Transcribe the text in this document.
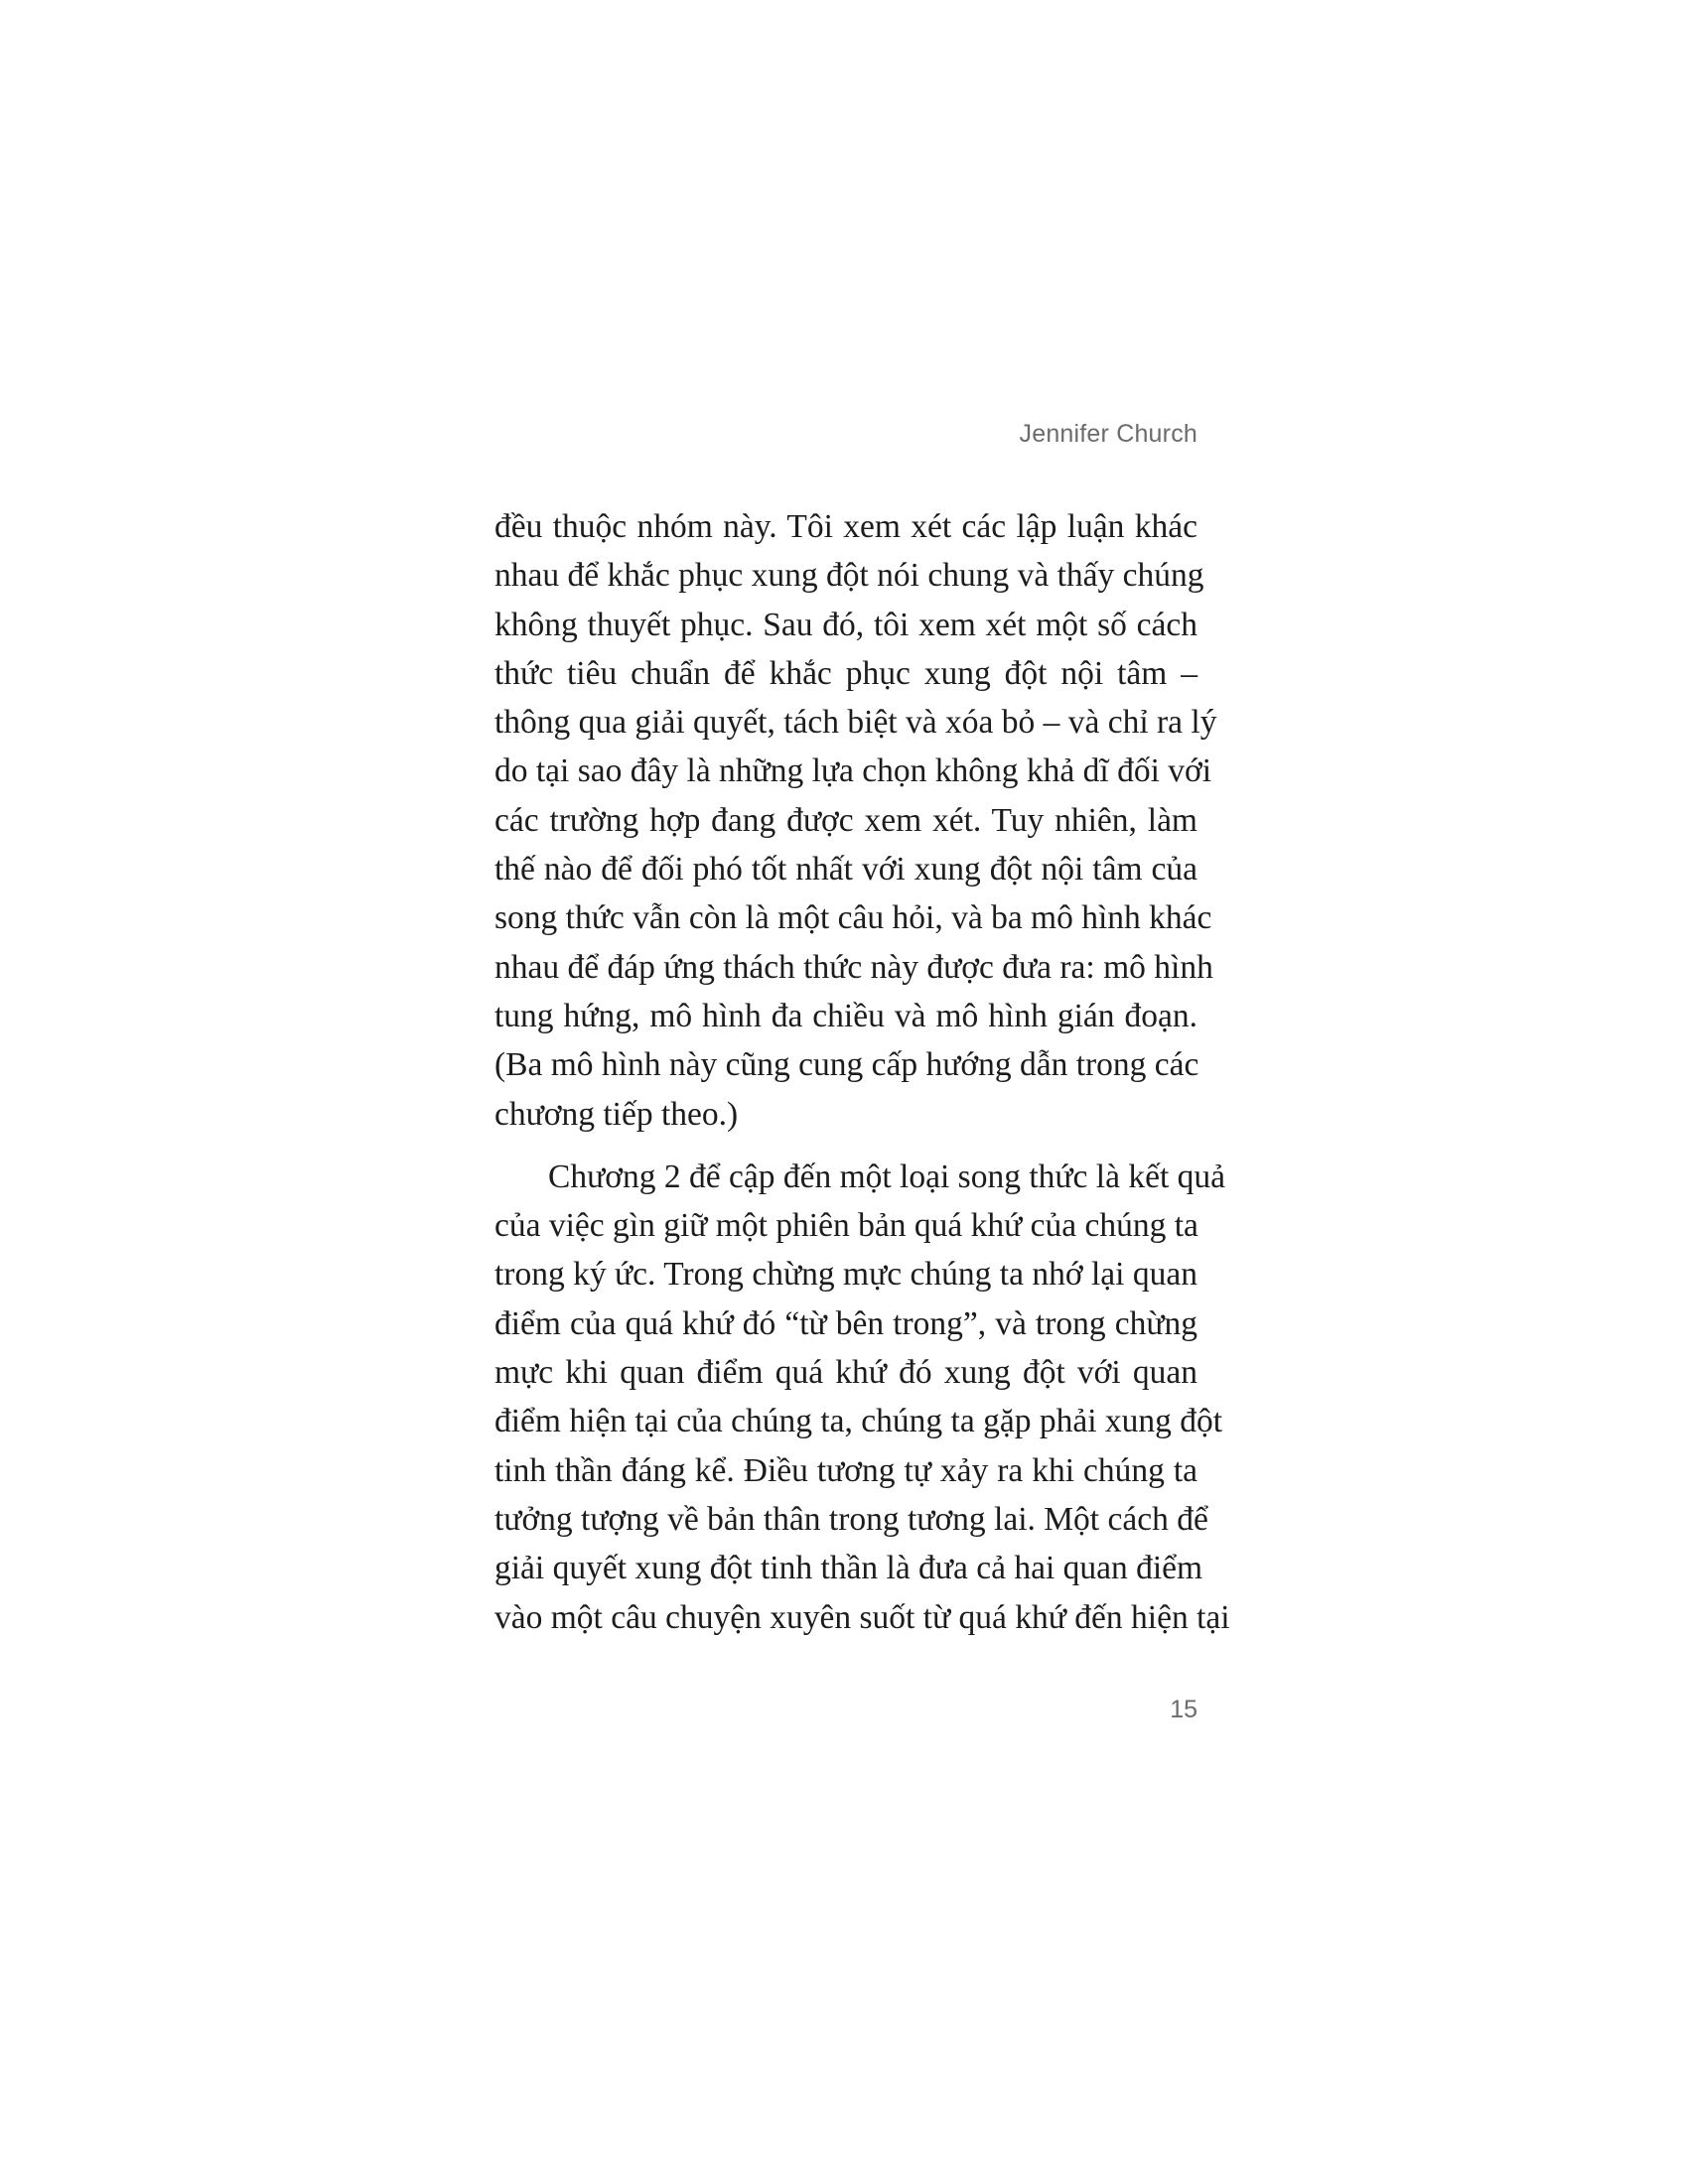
Jennifer Church

đều thuộc nhóm này. Tôi xem xét các lập luận khác
nhau để khắc phục xung đột nói chung và thấy chúng
không thuyết phục. Sau đó, tôi xem xét một số cách
thức tiêu chuẩn để khắc phục xung đột nội tâm –
thông qua giải quyết, tách biệt và xóa bỏ – và chỉ ra lý
do tại sao đây là những lựa chọn không khả dĩ đối với
các trường hợp đang được xem xét. Tuy nhiên, làm
thế nào để đối phó tốt nhất với xung đột nội tâm của
song thức vẫn còn là một câu hỏi, và ba mô hình khác
nhau để đáp ứng thách thức này được đưa ra: mô hình
tung hứng, mô hình đa chiều và mô hình gián đoạn.
(Ba mô hình này cũng cung cấp hướng dẫn trong các
chương tiếp theo.)

Chương 2 để cập đến một loại song thức là kết quả
của việc gìn giữ một phiên bản quá khứ của chúng ta
trong ký ức. Trong chừng mực chúng ta nhớ lại quan
điểm của quá khứ đó “từ bên trong”, và trong chừng
mực khi quan điểm quá khứ đó xung đột với quan
điểm hiện tại của chúng ta, chúng ta gặp phải xung đột
tinh thần đáng kể. Điều tương tự xảy ra khi chúng ta
tưởng tượng về bản thân trong tương lai. Một cách để
giải quyết xung đột tinh thần là đưa cả hai quan điểm
vào một câu chuyện xuyên suốt từ quá khứ đến hiện tại

15
